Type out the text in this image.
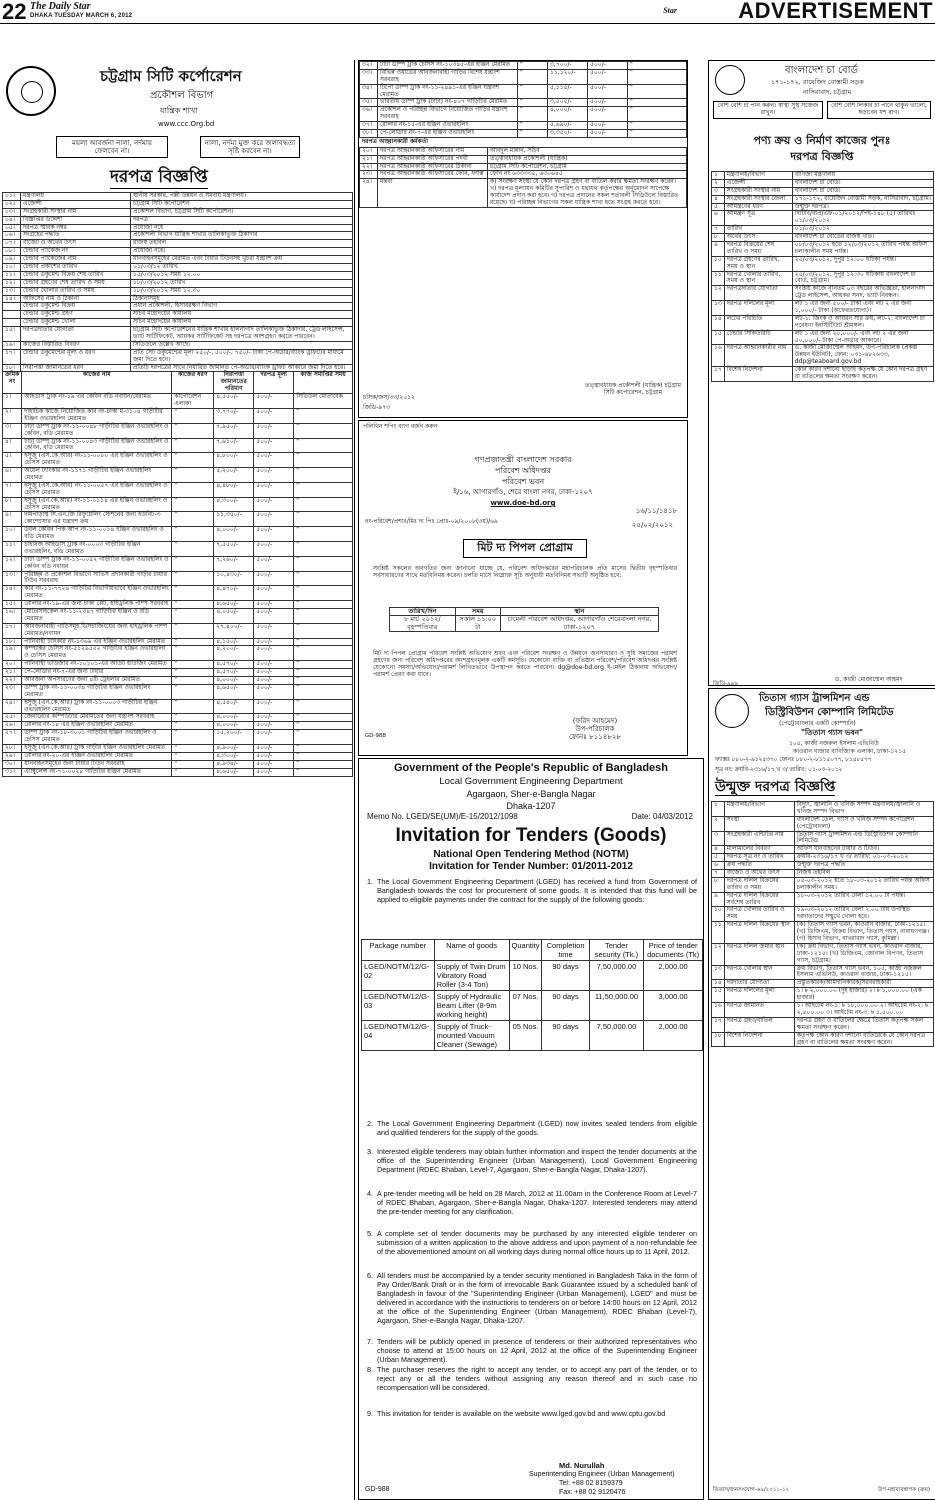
22 The Daily Star
DHAKA TUESDAY MARCH 6, 2012
Star	ADVERTISEMENT
চট্টগ্রাম সিটি কর্পোরেশন
প্রকৌশল বিভাগ
যান্ত্রিক শাখা
www.ccc.Org.bd
ময়লা আবর্জনা নালা, নর্দমায় ফেলবেন না।
নালা, নর্দমা মুক্ত করে জলাবদ্ধতা সৃষ্টি করবেন না।
দরপত্র বিজ্ঞপ্তি
০১।	মন্ত্রণালয়	স্থানীয় সরকার, পল্লী উন্নয়ন ও সমবায় মন্ত্রণালয়।
০২।	এজেন্সী	চট্টগ্রাম সিটি কর্পোরেশন
০৩।	সংগ্রহকারী সংস্থার নাম	প্রকৌশল বিভাগ, চট্টগ্রাম সিটি কর্পোরেশন।
০৪।	বিজ্ঞপ্তির উদ্দেশ্য	দরপত্র
০৫।	দরপত্র স্মারক নম্বর	প্রযোজ্য নহে
০৬।	সংগ্রহের পদ্ধতি	প্রকৌশলী বিভাগ যান্ত্রিক শাখার তালিকাভুক্ত ঠিকাদার
০৭।	বাজেট ও অর্থের উৎস	রাজস্ব তহবিল
০৮।	টেন্ডার প্যাকেজ নং	প্রযোজ্য নহে।
০৯।	টেন্ডার প্যাকেজের নাম	যানবাহনসমূহের মেরামত এবং টায়ার টিউবসহ খুচরা যন্ত্রাংশ ক্রয়
১০।	টেন্ডার প্রকাশের তারিখ	০১/০৩/১২ তারিখ
১১।	টেন্ডার ডকুমেন্ট বিক্রয় শেষ তারিখ	১৫/০৩/২০১২ সময় ১২.০০
১২।	টেন্ডার গ্রহণের শেষ তারিখ ও সময়	১৮/০৩/২০১২ তারিখ
১৩।	টেন্ডার খোলার তারিখ ও সময়	১৮/০৩/২০১২ সময় ১২.৩০
১৪।	অফিসের নাম ও ঠিকানা	ঠিকানাসমূহ
	টেন্ডার ডকুমেন্ট বিক্রয়	প্রধান প্রকৌশলী, হিসাবরক্ষণ বিভাগ
	টেন্ডার ডকুমেন্ট গ্রহণ	সচিব মহোদয়ের কার্যালয়
	টেন্ডার ডকুমেন্ট খোলা	সচিব মহোদয়ের কার্যালয়
১৫।	দরপত্রদাতার যোগ্যতা	চট্টগ্রাম সিটি কর্পোরেশনের যান্ত্রিক শাখার হালনাগাদ তালিকাভুক্ত ঠিকাদার, ট্রেড লাইসেন্স, ভ্যাট সার্টিফিকেট, আয়কর সার্টিফিকেট সহ দরপত্রে অংশগ্রহণ করতে পারবেন।
১৬।	কাজের বিস্তারিত বিবরণ	সিডিউলে উল্লেখ আছে।
১৭।	টেন্ডার ডকুমেন্টের মূল্য ও ধরণ	প্রতি সেট ডকুমেন্টের মূল্য ২৫০/-, ৫০০/-, ৭৫০/- টাকা পে-অর্ডার/ব্যাংক ড্রাফটের মাধ্যমে জমা দিতে হবে।
১৮।	নিরাপত্তা জামানতের ধরণ	প্রতিটি দরপত্রের সাথে নির্ধারিত জামানত পে-অর্ডার/ব্যাংক ড্রাফট আকারে জমা দিতে হবে।
ক্রমিক নং	কাজের নাম	কাজের ধরণ	নিরাপত্তা জামানতের পরিমাণ	দরপত্র মূল্য	কাজ সমাপ্তির সময়
১।	আইডাস ট্রাক নং-১৯ এর কেবিন বডি নবায়ন/মেরামত	কার্পোরেশন এলাকা	৪,৫৫০/-	৫০০/-	সিডিউল মোতাবেক
২।	দাহাচিক কাজে নিয়োজিত কার নং-ঢাকা ম-৩১০৪ গাড়ীটির ইঞ্জিন ওভারহলিং মেরামত	"	৩,৭৭০/-	৫০০/-	"
৩।	টাটা ডাম্প ট্রাক নং-১১-০০৪৮ গাড়ীটির ইঞ্জিন ওভারহলিং ও কেবিন, বডি মেরামত	"	৭,৯৫০/-	৫০০/-	"
৪।	টাটা ডাম্প ট্রাক নং-১১-০০৪৩ গাড়ীটির ইঞ্জিন ওভারহলিং ও কেবিন, বডি মেরামত	"	৭,৬১০/-	৫০০/-	"
৫।	ইসুজু (এস.কে.আর) নং-১১-০০৮০ এর ইঞ্জিন ওভারহলিং ও চেসিস মেরামত	"	৪,৮০০/-	৫০০/-	"
৬।	অয়েল ট্যাংকার নং-১১৭১ গাড়ীটির ইঞ্জিন ওভারহলিং মেরামত	"	৫,২০০/-	৫০০/-	"
৭।	ইসুজু (এস.কে.আর) নং-১১-০০৫৭ এর ইঞ্জিন ওভারহলিং ও চেসিস মেরামত	"	৪,৪৮০/-	৫০০/-	"
৮।	ইসুজু (এন.কে.আর) নং-১১-০১১৪ এর ইঞ্জিন ওভারহলিং ও চেসিস মেরামত	"	৪,৩০০/-	৫০০/-	"
৯।	দামপাড়াস্থ সি.এন.জি রিফুয়েলিং স্টেশনের জন্য ইউনিট-৩ কোম্প্রেসার এর যন্ত্রাংশ ক্রয়	"	১১,৩৫০/-	৫০০/-	"
১০।	ডবল কেবিন পিক আপ নং-১১-০০১৪ ইঞ্জিন ওভারহলিং ও বডি মেরামত	"	৪,০০০/-	৫০০/-	"
১১।	চাইনিজ আইডাস ট্রাক নং-০০০৩ গাড়ীটির ইঞ্জিন ওভারহলিং, বডি মেরামত	"	৭,৫৫০/-	৫০০/-	"
১২।	টাটা ডাম্প ট্রাক নং-১১-০০৫২ গাড়ীটির ইঞ্জিন ওভারহলিং ও কেবিন বডি নবায়ন	"	৭,২৬০/-	৫০০/-	"
১৩।	পরিচ্ছন্ন ও প্রকৌশল বিভাগে সার্ভিস প্রদানকারী গাড়ীর টায়ার টিউব সরবরাহ	"	১০,৪৩০/-	৫০০/-	"
১৪।	কার নং-১১-৭৭২৪ গাড়িটির বিভাগীয়ভাবে ইঞ্জিন ওভারহলিং মেরামত	"	৪,৪৭০/-	৫০০/-	"
১৫।	রোলার নং-১৯-এর জন্য চাকা প্লেট, হাইড্রলিক পাম্প সরবরাহ	"	৪,৬৫০/-	৫০০/-	"
১৬।	মোটরসাইকেল নং-১১-২৩৪৭ গাড়িটির ইঞ্জিন ও বডি মেরামত	"	৪,০৫০/-	৫০০/-	"
১৭।	আবর্জনাবাহী গাড়িসমূহ ডিসচার্জিংয়ের জন্য হাইড্রলিক পাম্প মেরামত/নবায়ন	"	২৭,৪০০/-	৫০০/-	"
১৮।	পানিবাহী ট্যাংকার নং-১৩৬৯ এর ইঞ্জিন ওভারহলিং মেরামত	"	৪,১৫০/-	৫০০/-	"
১৯।	কম্প্যাক্টর চেসিস নং-৫১২৯৫৫২ গাড়িটির ইঞ্জিন ওভারহলিং ও চেসিস মেরামত	"	৪,২০০/-	৫০০/-	"
২০।	পানিবাহী ভাউজার নং-১০১০১-এর আউট হাউজিং মেরামত	"	৪,৫৭০/-	৫০০/-	"
২১।	পে-লোডার নং-৭-এর জন্য টায়ার	"	৪,৫৭০/-	৫০০/-	"
২২।	আবর্জনা অপসারণের জন্য ৪টি ট্রেইলার মেরামত	"	৪,০০০/-	৫০০/-	"
২৩।	ডাম্প ট্রাক নং-১১-০০৩৪ গাড়িটির ইঞ্জিন ওভারহলিং মেরামত	"	৪,৬৫০/-	৫০০/-	"
২৪।	ইসুজু (এন.কে.আর) ট্রাক নং-১১-০০০৩ গাড়ীটির ইঞ্জিন ওভারহলিং মেরামত	"	৪,৫৪০/-	৫০০/-	"
২৫।	জেনারেটর কম্পিউটার মেরামতের জন্য যন্ত্রাংশ সরবরাহ	"	৪,০০০/-	৫০০/-	"
২৬।	রোলার নং-১৮ এর ইঞ্জিন ওভারহলিং মেরামত	"	৪,০০০/-	৫০০/-	"
২৭।	ডাম্প ট্রাক নং-১৮-৩০০১ গাড়িটির ইঞ্জিন ওভারহলিং ও চেসিস মেরামত	"	১৫,২০০/-	৫০০/-	"
২৮।	ইসুজু (এন.কে.আর) ট্রাক গাড়ীর ইঞ্জিন ওভারহলিং মেরামত	"	৪,৯০০/-	৫০০/-	"
২৯।	রোলার নং-২০-এর ইঞ্জিন ওভারহলিং মেরামত	"	৪,৩০০/-	৫০০/-	"
৩০।	যানবাহনসমূহের জন্য টায়ার টিউব সরবরাহ	"	৪,৯৩৪/-	৫০০/-	"
৩১।	এ্যাম্বুলেন্স নং-৭১-০০২৮ গাড়িটির ইঞ্জিন মেরামত	"	৪,৬৫০/-	৫০০/-	"
৩২।	টাটা ডাম্প ট্রাক চেসিস নং-১০৩৪৫-এর ইঞ্জিন মেরামত	"	৩,৭০০/-	৫০০/-	"
৩৩।	বিভিন্ন ওয়ার্ডের আবর্জনাবাহী গাড়ির বিশেষ যন্ত্রাংশ সরবরাহ	"	১১,১২০/-	৫০০/-	"
৩৪।	টিপো ডাম্প ট্রাক নং-১১-২৪৯১-এর ইঞ্জিন যন্ত্রাংশ মেরামত	"	৫,১১৫/-	৫০০/-	"
৩৫।	ভারতীয় ডাম্প ট্রাক (টাটা) নং-৪০৭ গাড়িটির মেরামত	"	৩,৫০৫/-	৫০০/-	"
৩৬।	প্রকৌশল ও পরিচ্ছন্ন বিভাগে নিয়োজিত গাড়ির যন্ত্রাংশ সরবরাহ	"	৪,০০০/-	৫০০/-	"
৩৭।	রোলার নং-১৫-এর ইঞ্জিন ওভারহলিং	"	৫,৬৯০/-	৫০০/-	"
৩৮।	পে-লোডার নং-৭-এর ইঞ্জিন ওভারহলিং	"	৩,৩৫০/-	৫০০/-	"
দরপত্র আহ্বানকারী কর্মকর্তা
২০।	দরপত্র আহ্বানকারী অফিসারের নাম	আবদুল মান্নান, সচিব
২১।	দরপত্র আহ্বানকারী অফিসারের পদবী	তত্ত্বাবধায়ক প্রকৌশলী (যান্ত্রিক)
২২।	দরপত্র আহ্বানকারী অফিসারের ঠিকানা	চট্টগ্রাম সিটি কর্পোরেশন, চট্টগ্রাম
২৩।	দরপত্র আহ্বানকারী অফিসারের ফোন, ফ্যাক্স	ফোন নং ৬৩৩৩৩৫, ৬৩০৬৪৫
২৪।	মন্তব্য	ক) সংরক্ষণ সংস্থা যে কোন দরপত্র গ্রহণ বা বাতিল করার ক্ষমতা সংরক্ষণ করেন। খ) দরপত্র মূল্যায়ন কমিটির সুপারিশ ও যথাযথ কর্তৃপক্ষের অনুমোদন সাপেক্ষে কার্যাদেশ প্রদান করা হবে। গ) দরপত্র প্রদানের সকল শর্তাবলী সিডিউলে বিস্তারিত রয়েছে। ঘ) পরিচ্ছন্ন বিভাগের সকল যান্ত্রিক শাখা হতে সংগ্রহ করতে হবে।
তত্ত্বাবধায়ক প্রকৌশলী (যান্ত্রিক) চট্টগ্রাম সিটি কর্পোরেশন, চট্টগ্রাম
চসিক/জস/৩৩/২০১২
জিডি-৯৭৩
পলিথিন শপিং ব্যাগ বর্জন করুন
গণপ্রজাতন্ত্রী বাংলাদেশ সরকার
পরিবেশ অধিদপ্তর
পরিবেশ ভবন
ই/১৬, আগারগাঁও, শেরে বাংলা নগর, ঢাকা-১২০৭
www.doe-bd.org
১৬/১১/১৪১৮
নং-পরিবেশ/প্রশাঃ/মিঃ দ্য পিঃ প্রোঃ-০৯/২০০৮(৩য়)/৬৯	২৫/০২/২০১২
মিট দ্য পিপল প্রোগ্রাম
সংশ্লিষ্ট সকলের অবগতির জন্য জানানো যাচ্ছে যে, পরিবেশ অধিদপ্তরের মহাপরিচালক প্রতি মাসের দ্বিতীয় বৃহস্পতিবার সর্বসাধারণের সাথে মতবিনিময় করেন। চলতি মাসে নিম্নোক্ত সূচি অনুযায়ী মতবিনিময় সভাটি অনুষ্ঠিত হবে:
তারিখ/দিন	সময়	স্থান
৮ মার্চ ২০১২/বৃহস্পতিবার	সকাল ১১:০০ টা	চামেলী পরিবেশ অধিদপ্তর, আগারগাঁও শেরেবাংলা নগর, ঢাকা-১২০৭
মিট দ্য পিপল প্রোগ্রাম পরিবেশ সংশ্লিষ্ট অভিযোগ শ্রবণ এবং পরিবেশ সংরক্ষণ ও উন্নয়নে জনসাধারণ ও সুধি সমাজের পরামর্শ গ্রহণের জন্য পরিবেশ অধিদপ্তরের অংশগ্রহণমূলক একটি কর্মসূচি। যেকোনো ব্যক্তি বা প্রতিষ্ঠান পরিবেশ/পরিবেশ অধিদপ্তর সংশ্লিষ্ট যেকোনো সমস্যা/অভিযোগ/পরামর্শ লিখিতভাবে উপস্থাপন করতে পারবেন। dg@doe-bd.org ই-মেইল ঠিকানায় অভিযোগ/পরামর্শ প্রেরণ করা যাবে।
(ফরিদ আহমেদ)
উপ-পরিচালক
ফোনঃ ৮১১৪৮২৮
GD-988
Government of the People's Republic of Bangladesh
Local Government Engineering Department
Agargaon, Sher-e-Bangla Nagar
Dhaka-1207
Memo No. LGED/SE(UM)/E-15/2012/1098	Date: 04/03/2012
Invitation for Tenders (Goods)
National Open Tendering Method (NOTM)
Invitation for Tender Number: 01/2011-2012
1. The Local Government Engineering Department (LGED) has received a fund from Government of Bangladesh towards the cost for procurement of some goods. It is intended that this fund will be applied to eligible payments under the contract for the supply of the following goods:
Package number	Name of goods	Quantity	Completion time	Tender security (Tk.)	Price of tender documents (Tk)
LGED/NOTM/12/G-02	Supply of Twin Drum Vibratory Road Roller (3-4 Ton)	10 Nos.	90 days	7,50,000.00	2,000.00
LGED/NOTM/12/G-03	Supply of Hydraulic Beam Lifter (8-9m working height)	07 Nos.	90 days	11,50,000.00	3,000.00
LGED/NOTM/12/G-04	Supply of Truck-mounted Vacuum Cleaner (Sewage)	05 Nos.	90 days	7,50,000.00	2,000.00
2. The Local Government Engineering Department (LGED) now invites sealed tenders from eligible and qualified tenderers for the supply of the goods.
3. Interested eligible tenderers may obtain further information and inspect the tender documents at the office of the Superintending Engineer (Urban Management), Local Government Engineering Department (RDEC Bhaban, Level-7, Agargaon, Sher-e-Bangla Nagar, Dhaka-1207).
4. A pre-tender meeting will be held on 28 March, 2012 at 11.00am in the Conference Room at Level-7 of RDEC Bhaban, Agargaon, Sher-e-Bangla Nagar, Dhaka-1207. Interested tenderers may attend the pre-tender meeting for any clarification.
5. A complete set of tender documents may be purchased by any interested eligible tenderer on submission of a written application to the above address and upon payment of a non-refundable fee of the abovementioned amount on all working days during normal office hours up to 11 April, 2012.
6. All tenders must be accompanied by a tender security mentioned in Bangladesh Taka in the form of Pay Order/Bank Draft or in the form of irrevocable Bank Guarantee issued by a scheduled bank of Bangladesh in favour of the "Superintending Engineer (Urban Management), LGED" and must be delivered in accordance with the instructions to tenderers on or before 14:00 hours on 12 April, 2012 at the office of the Superintending Engineer (Urban Management), RDEC Bhaban (Level-7), Agargaon, Sher-e-Bangla Nagar, Dhaka-1207.
7. Tenders will be publicly opened in presence of tenderers or their authorized representatives who choose to attend at 15:00 hours on 12 April, 2012 at the office of the Superintending Engineer (Urban Management).
8. The purchaser reserves the right to accept any tender, or to accept any part of the tender, or to reject any or all the tenders without assigning any reason thereof and in such case no recompensation will be considered.
9. This invitation for tender is available on the website www.lged.gov.bd and www.cptu.gov.bd
GD-988
Md. Nurullah
Superintending Engineer (Urban Management)
Tel: +88 02 8159379
Fax: +88 02 9120476
বাংলাদেশ চা বোর্ড
১৭১-১৭২, বায়েজিদ বোস্তামী সড়ক
নাসিরাবাদ, চট্টগ্রাম
বেশি বেশি চা পান করুন। স্বাস্থ্য সুস্থ সজেজ রাখুন।
বেশি বেশি লিকার চা পানে থাকুন ভালো, ছড়াবেন যশ বাগ।
পণ্য ক্রয় ও নির্মাণ কাজের পুনঃ
দরপত্র বিজ্ঞপ্তি
১	মন্ত্রণালয়/বিভাগ	বাণিজ্য মন্ত্রণালয়
২	এজেন্সী	বাংলাদেশ চা বোর্ড।
৩	সংগ্রহকারী সংস্থার নাম	বাংলাদেশ চা বোর্ড।
৪	সংগ্রহকারী সংস্থার জেলা	১৭১-১৭২, বায়েজিদ বোস্তামী সড়ক, নাসিরাবাদ, চট্টগ্রাম।
৫	আমন্ত্রণের ধরণ	উন্মুক্ত দরপত্র।
৬	আমন্ত্রণ সূত্র	বিটিবি/বাপ্র/এফ-০১/২০১২/পিই-১৪৮ (৫) তারিখঃ ০১/০৩/২০১২
৭	তারিখ	০১/০৩/২০১২
৮	অর্থের উৎস	বাংলাদেশ চা বোর্ডের রাজস্ব খাত।
৯	দরপত্র বিক্রয়ের শেষ তারিখ ও সময়	০৮/০৩/২০১২ হতে ১২/০৩/২০১২ তারিখ পর্যন্ত অফিস চলাকালীন সময় পর্যন্ত।
১০	দরপত্র গ্রহণের তারিখ, সময় ও স্থান	২৫/০৩/২০১২, দুপুর ১২:০০ ঘটিকা পর্যন্ত।
১১	দরপত্র খোলার তারিখ, সময় ও স্থান	২৫/০৩/২০১২, দুপুর ১২:৩০ ঘটিকায় বাংলাদেশ চা বোর্ড, চট্টগ্রাম।
১২	দরপত্রদাতার যোগ্যতা	সংশ্লিষ্ট কাজে ন্যূনতম ০৩ বছরের অভিজ্ঞতা, হালনাগাদ ট্রেড লাইসেন্স, আয়কর সনদ, ভ্যাট নিবন্ধন।
১৩	দরপত্র দলিলের মূল্য	লট ১ এর জন্য ৫০০/- টাকা এবং লট ২ এর জন্য ১,০০০/- টাকা (অফেরতযোগ্য)।
১৪	লটের পরিচিতি	লট-১: জিংক ও আয়রন সার ক্রয়, লট-২: বাংলাদেশ চা গবেষণা ইনস্টিটিউট শ্রীমঙ্গল।
১৫	টেন্ডার সিকিউরিটি	লট ১ এর জন্য ২০,০০০/- এবং লট ২ এর জন্য ৫০,০০০/- টাকা পে-অর্ডার আকারে।
১৬	দরপত্র আহ্বানকারীর নাম	ড. কাজী মোজাম্মেল আহমদ, উপ-পরিচালক (প্রকল্প উন্নয়ন ইউনিট), ফোন: ০৩১-৬৮২৬৩৩, ddp@teaboard.gov.bd
১৭	বিশেষ নির্দেশনা	কোন কারণ দর্শানো ছাড়াই কর্তৃপক্ষ যে কোন দরপত্র গ্রহণ বা বাতিলের ক্ষমতা সংরক্ষণ করেন।
ড. কাজী মোজাম্মেল আহমদ
জিডি-৯৯৬
তিতাস গ্যাস ট্রান্সমিশন এন্ড
ডিস্ট্রিবিউশন কোম্পানি লিমিটেড
(পেট্রোবাংলার একটি কোম্পানি)
"তিতাস গ্যাস ভবন"
১০৫, কাজী নজরুল ইসলাম এভিনিউ
কাওরান বাজার বাণিজ্যিক এলাকা, ঢাকা-১২১৫
ফ্যাক্সঃ ৮৮০-২-৯১২৫৩৭০ ফোনঃ ৮৮০-২-৮১১৫০৭৭, ৮১৪৮৫৭৭
সূত্র নং: ক্রয়বি-২৩১৬/১৭ খ ৩/ তারিখ: ০১-০৩-২০১২
উন্মুক্ত দরপত্র বিজ্ঞপ্তি
১	মন্ত্রণালয়/বিভাগ	বিদ্যুৎ, জ্বালানি ও খনিজ সম্পদ মন্ত্রণালয়/জ্বালানি ও খনিজ সম্পদ বিভাগ
২	সংস্থা	বাংলাদেশ তেল, গ্যাস ও খনিজ সম্পদ কর্পোরেশন (পেট্রোবাংলা)
৩	সংগ্রহকারী এন্টিটির নাম	তিতাস গ্যাস ট্রান্সমিশন এন্ড ডিস্ট্রিবিউশন কোম্পানি লিমিটেড
৪	মালামালের বিবরণ	অফিস যানবাহনের টায়ার ও টিউব।
৫	দরপত্র সূত্র নং ও তারিখ	ক্রয়বি-২৩১৬/১৭ খ ৩/ তারিখ: ০১-০৩-২০১২
৬	ক্রয় পদ্ধতি	উন্মুক্ত দরপত্র পদ্ধতি
৭	বাজেট ও অর্থের উৎস	নিজস্ব তহবিল
৮	দরপত্র দলিল বিক্রয়ের তারিখ ও সময়	০৫-০৩-২০১২ হতে ১৮-০৩-২০১২ তারিখ পর্যন্ত অফিস চলাকালীন সময়।
৯	দরপত্র দলিল বিক্রয়ের সর্বশেষ তারিখ	১৮-০৩-২০১২ তারিখ বেলা ১২.০০ টা পর্যন্ত।
১০	দরপত্র খোলার তারিখ ও সময়	১৯-০৩-২০১২ তারিখ বেলা ২.০০ টায় উপস্থিত দরদাতাদের সম্মুখে খোলা হবে।
১১	দরপত্র দলিল বিক্রয়ের স্থান	(ক) তিতাস গ্যাস ভবন, কাওরান বাজার, ঢাকা-১২১৫। (খ) ডিজিএম, বিক্রয় বিভাগ, তিতাস গ্যাস, নারায়ণগঞ্জ। (গ) হিসাব বিভাগ, বাখরাবাদ গ্যাস, কুমিল্লা।
১২	দরপত্র দলিল জমার স্থান	(ক) ক্রয় বিভাগ, তিতাস গ্যাস ভবন, কাওরান বাজার, ঢাকা-১২১৫। (খ) ডিজিএম, জোনাল বিপণন, তিতাস গ্যাস, চট্টগ্রাম।
১৩	দরপত্র খোলার স্থান	ক্রয় বিভাগ, তিতাস গ্যাস ভবন, ১০৫, কাজী নজরুল ইসলাম এভিনিউ, কাওরান বাজার, ঢাকা-১২১৫।
১৪	দরদাতার যোগ্যতা	প্রস্তুতকারক/আমদানিকারক/সরবরাহকারী
১৫	দরপত্র দলিলের মূল্য	১। ৳ ২,০০০.০০ (দুই হাজার) ২। ৳ ১,০০০.০০ (এক হাজার)
১৬	দরপত্র জামানত	১। আইটেম নং-১: ৳ ১৮,০০০.০০ ২। আইটেম নং-২: ৳ ২,৫০০.০০ ৩। আইটেম নং-৩: ৳ ১,৫০০.০০
১৭	দরপত্র গ্রহণ/বাতিল	দরপত্র গ্রহণ ও বাতিলের ক্ষেত্রে তিতাস কর্তৃপক্ষ সকল ক্ষমতা সংরক্ষণ করেন।
১৮	বিশেষ নির্দেশনা	কর্তৃপক্ষ কোন কারণ দর্শানো ব্যতিরেকে যে কোন দরপত্র গ্রহণ বা বাতিলের ক্ষমতা সংরক্ষণ করেন।
তিতাস/জনসংযোগ-৬৯/২০১১-১২	উপ-মহাব্যবস্থাপক (ক্রয়)
